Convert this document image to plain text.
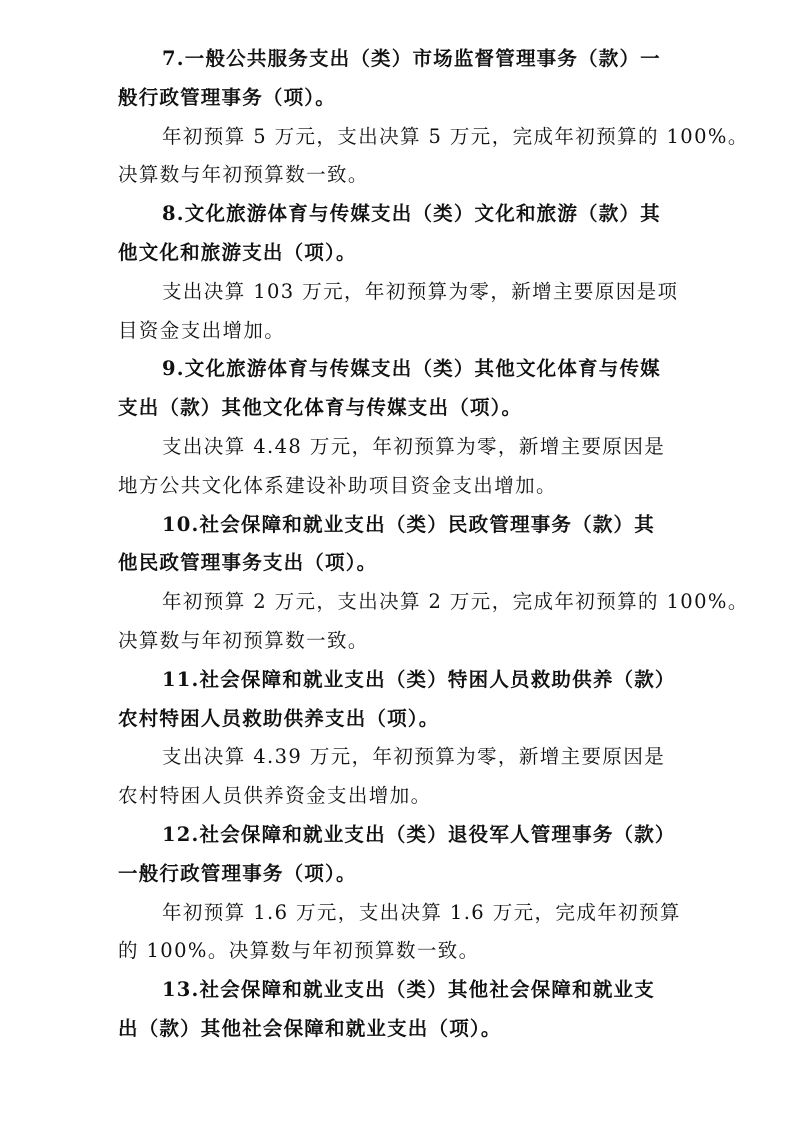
7.一般公共服务支出（类）市场监督管理事务（款）一
般行政管理事务（项）。
年初预算 5 万元，支出决算 5 万元，完成年初预算的 100%。
决算数与年初预算数一致。
8.文化旅游体育与传媒支出（类）文化和旅游（款）其
他文化和旅游支出（项）。
支出决算 103 万元，年初预算为零，新增主要原因是项
目资金支出增加。
9.文化旅游体育与传媒支出（类）其他文化体育与传媒
支出（款）其他文化体育与传媒支出（项）。
支出决算 4.48 万元，年初预算为零，新增主要原因是
地方公共文化体系建设补助项目资金支出增加。
10.社会保障和就业支出（类）民政管理事务（款）其
他民政管理事务支出（项）。
年初预算 2 万元，支出决算 2 万元，完成年初预算的 100%。
决算数与年初预算数一致。
11.社会保障和就业支出（类）特困人员救助供养（款）
农村特困人员救助供养支出（项）。
支出决算 4.39 万元，年初预算为零，新增主要原因是
农村特困人员供养资金支出增加。
12.社会保障和就业支出（类）退役军人管理事务（款）
一般行政管理事务（项）。
年初预算 1.6 万元，支出决算 1.6 万元，完成年初预算
的 100%。决算数与年初预算数一致。
13.社会保障和就业支出（类）其他社会保障和就业支
出（款）其他社会保障和就业支出（项）。
